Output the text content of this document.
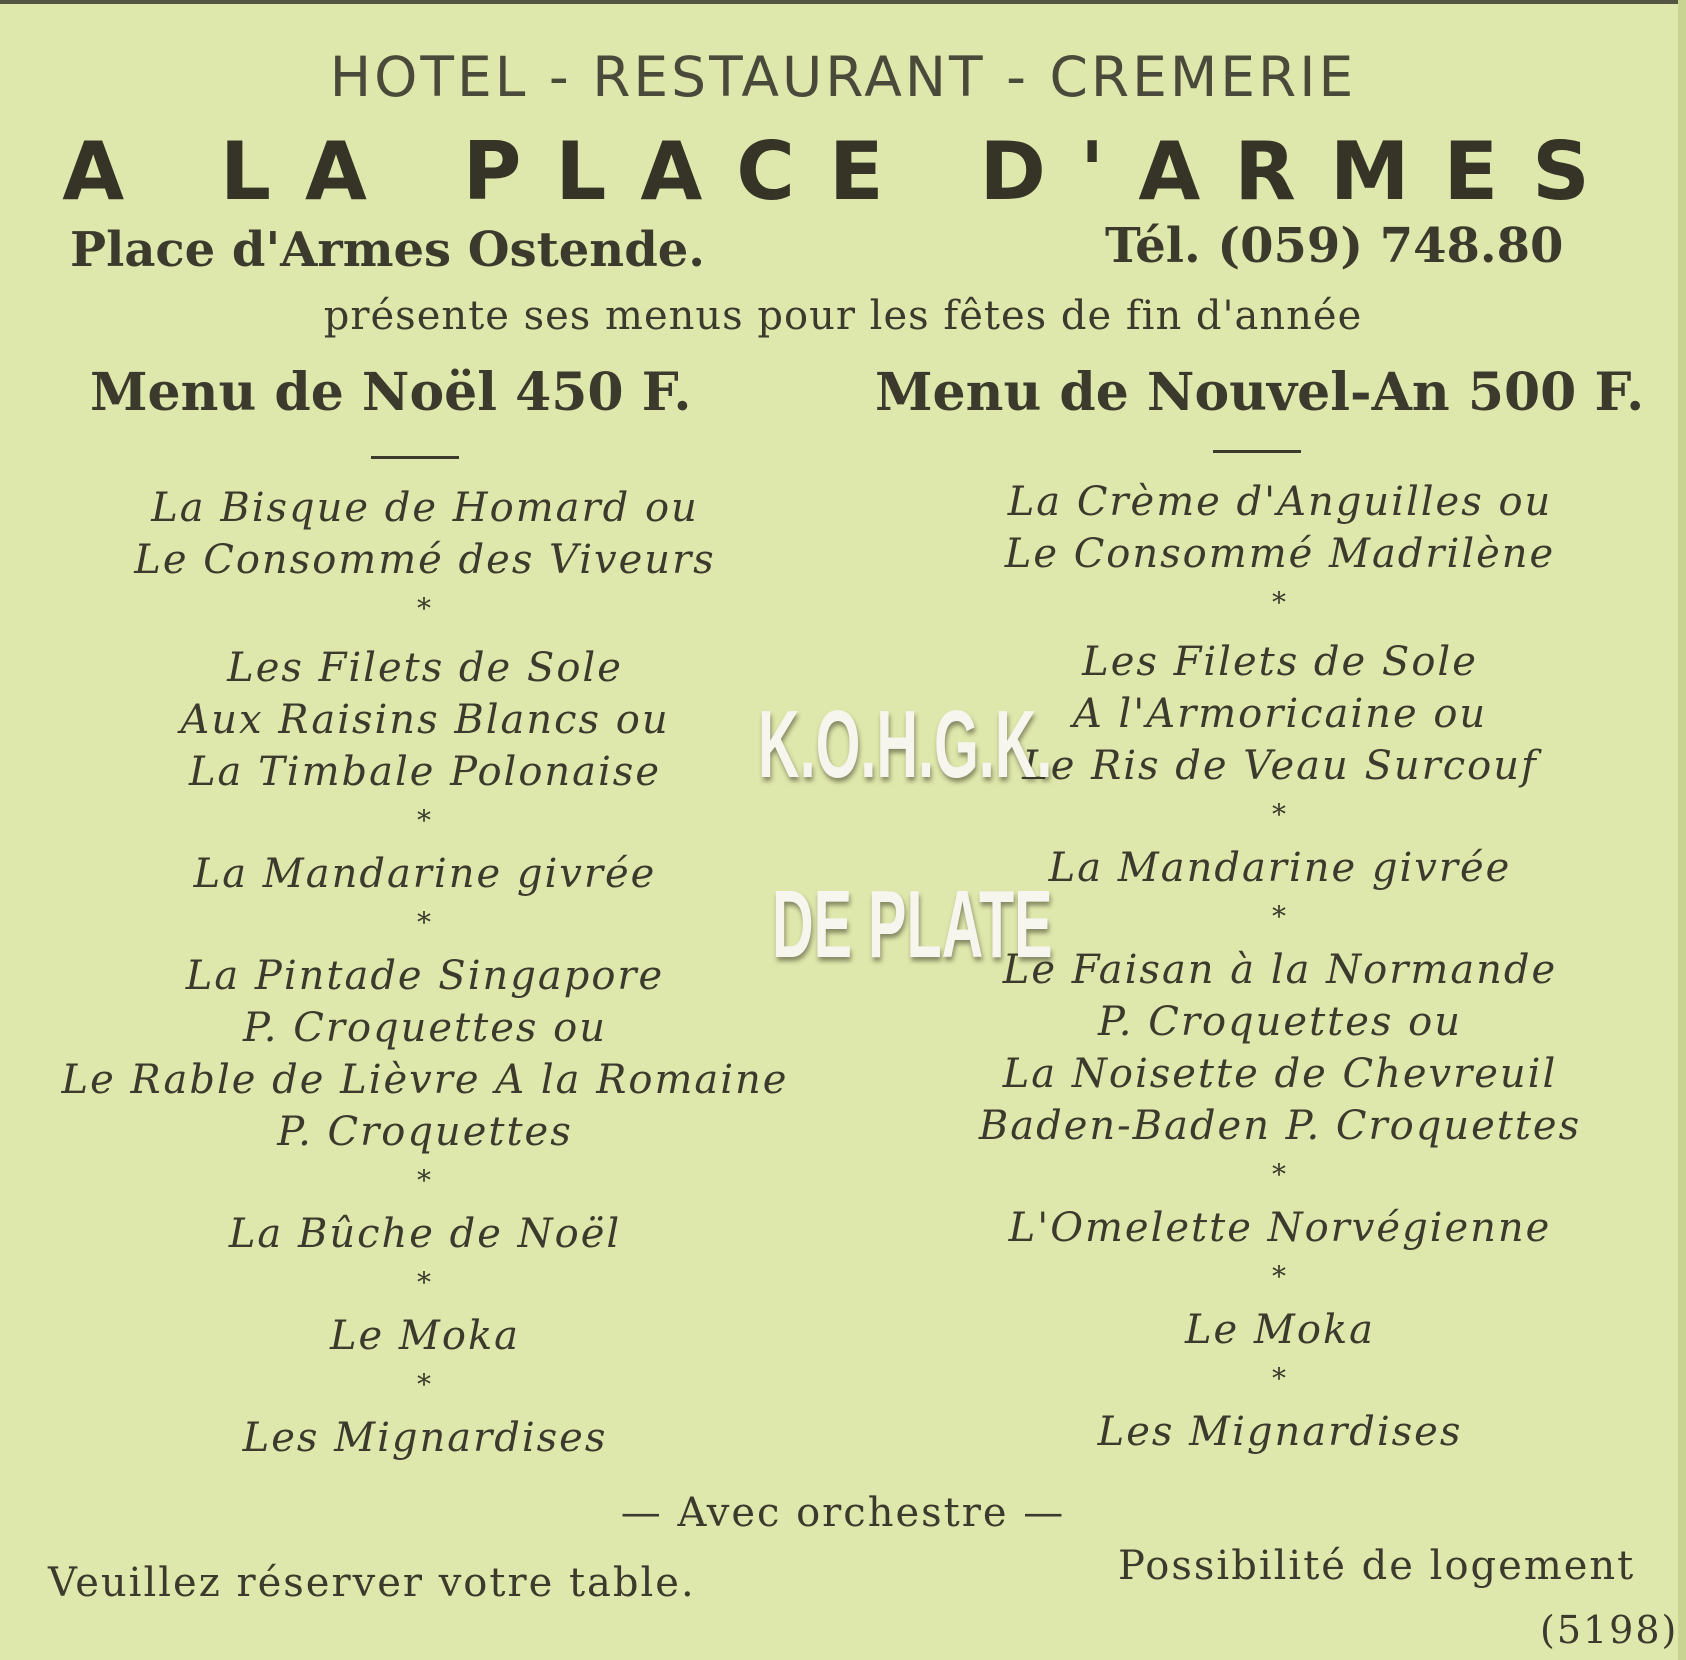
HOTEL - RESTAURANT - CREMERIE
A LA PLACE D'ARMES
Place d'Armes Ostende.	Tél. (059) 748.80
présente ses menus pour les fêtes de fin d'année
Menu de Noël 450 F.	Menu de Nouvel-An 500 F.
La Bisque de Homard ou
Le Consommé des Viveurs
*
Les Filets de Sole
Aux Raisins Blancs ou
La Timbale Polonaise
*
La Mandarine givrée
*
La Pintade Singapore
P. Croquettes ou
Le Rable de Lièvre A la Romaine
P. Croquettes
*
La Bûche de Noël
*
Le Moka
*
Les Mignardises
La Crème d'Anguilles ou
Le Consommé Madrilène
*
Les Filets de Sole
A l'Armoricaine ou
Le Ris de Veau Surcouf
*
La Mandarine givrée
*
Le Faisan à la Normande
P. Croquettes ou
La Noisette de Chevreuil
Baden-Baden P. Croquettes
*
L'Omelette Norvégienne
*
Le Moka
*
Les Mignardises
K.O.H.G.K.
DE PLATE
— Avec orchestre —
Veuillez réserver votre table.	Possibilité de logement
(5198)
